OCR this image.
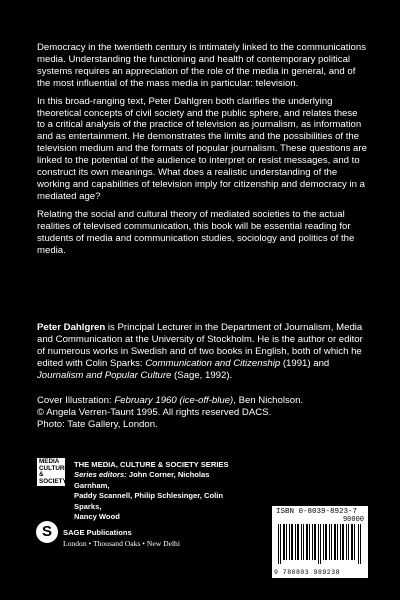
Democracy in the twentieth century is intimately linked to the communications media. Understanding the functioning and health of contemporary political systems requires an appreciation of the role of the media in general, and of the most influential of the mass media in particular: television.

In this broad-ranging text, Peter Dahlgren both clarifies the underlying theoretical concepts of civil society and the public sphere, and relates these to a critical analysis of the practice of television as journalism, as information and as entertainment. He demonstrates the limits and the possibilities of the television medium and the formats of popular journalism. These questions are linked to the potential of the audience to interpret or resist messages, and to construct its own meanings. What does a realistic understanding of the working and capabilities of television imply for citizenship and democracy in a mediated age?

Relating the social and cultural theory of mediated societies to the actual realities of televised communication, this book will be essential reading for students of media and communication studies, sociology and politics of the media.

Peter Dahlgren is Principal Lecturer in the Department of Journalism, Media and Communication at the University of Stockholm. He is the author or editor of numerous works in Swedish and of two books in English, both of which he edited with Colin Sparks: Communication and Citizenship (1991) and Journalism and Popular Culture (Sage, 1992).

Cover Illustration: February 1960 (ice-off-blue), Ben Nicholson.
© Angela Verren-Taunt 1995. All rights reserved DACS.
Photo: Tate Gallery, London.
MEDIA
CULTURE
& SOCIETY
THE MEDIA, CULTURE & SOCIETY SERIES
Series editors: John Corner, Nicholas Garnham,
Paddy Scannell, Philip Schlesinger, Colin Sparks,
Nancy Wood
ISBN 0-8039-8923-7
90000
9 780803 989238
S SAGE Publications
London • Thousand Oaks • New Delhi
